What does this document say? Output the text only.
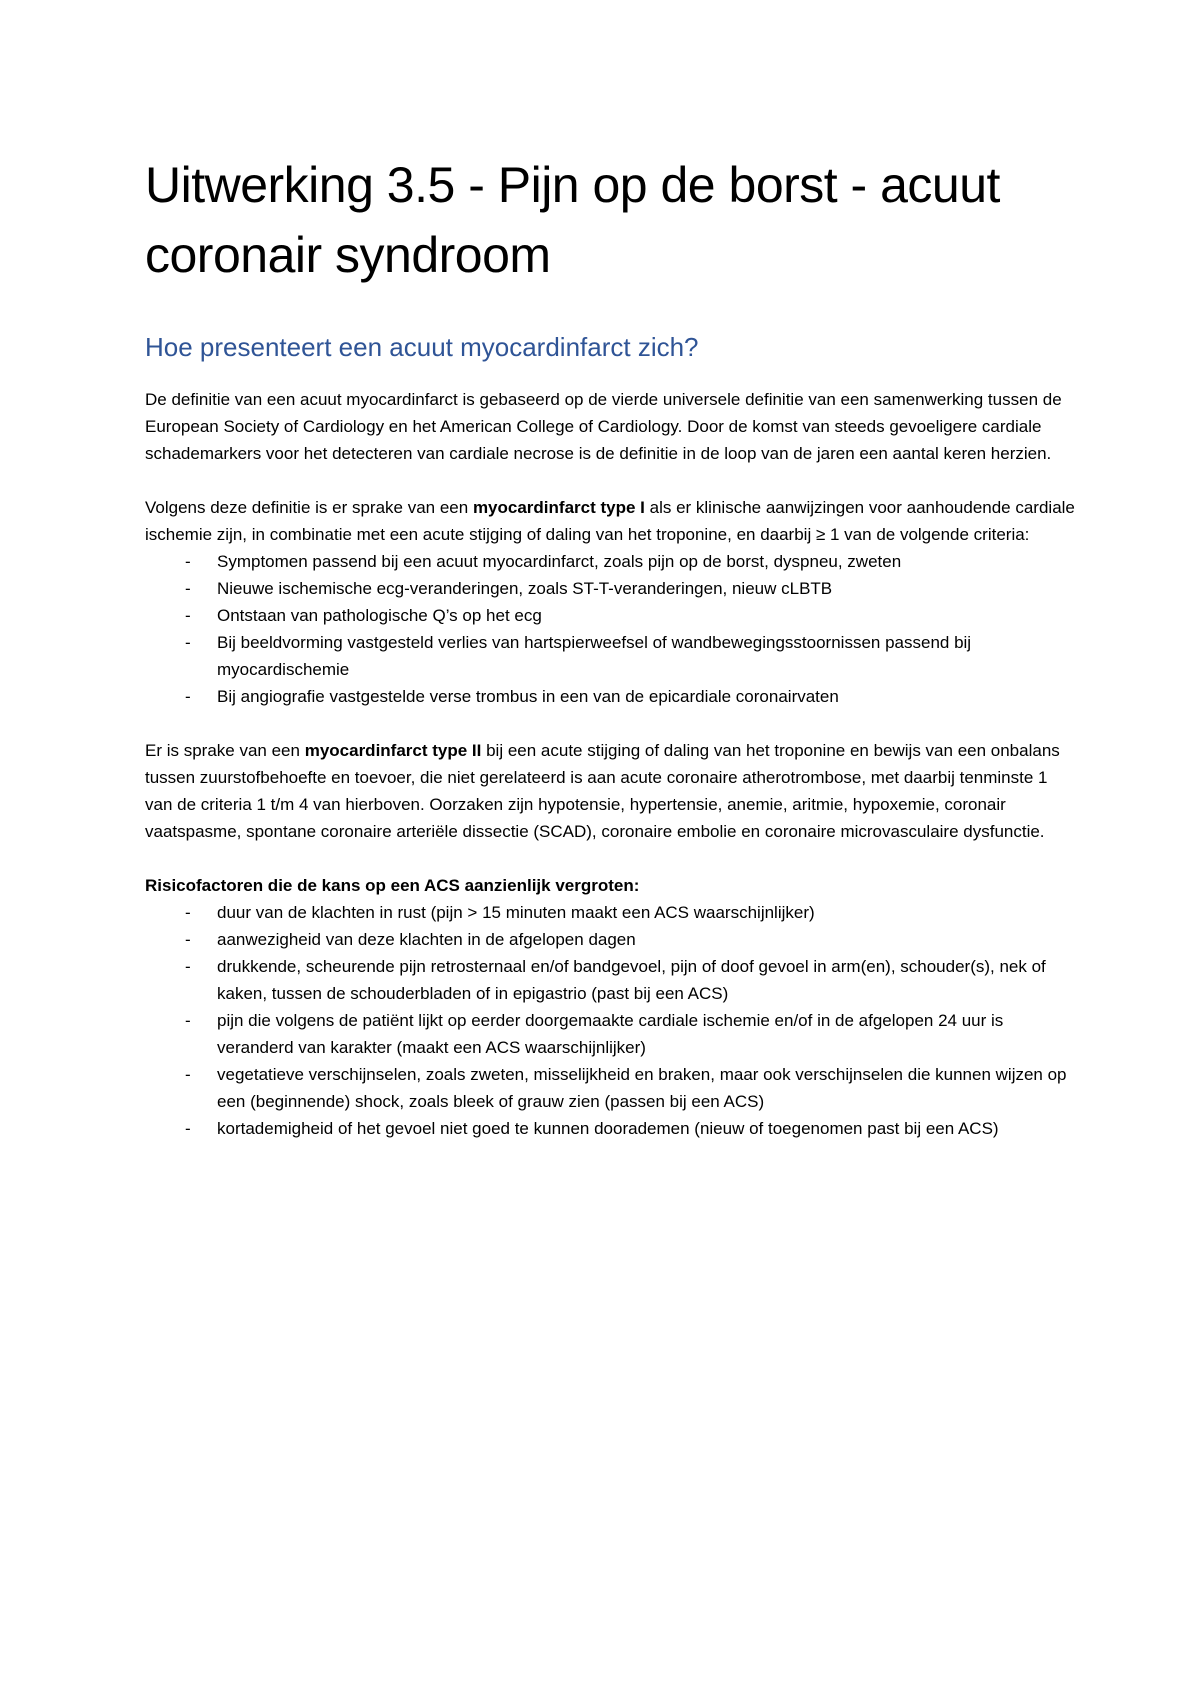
Uitwerking 3.5 - Pijn op de borst - acuut coronair syndroom
Hoe presenteert een acuut myocardinfarct zich?

De definitie van een acuut myocardinfarct is gebaseerd op de vierde universele definitie van een samenwerking tussen de European Society of Cardiology en het American College of Cardiology. Door de komst van steeds gevoeligere cardiale schademarkers voor het detecteren van cardiale necrose is de definitie in de loop van de jaren een aantal keren herzien.

Volgens deze definitie is er sprake van een myocardinfarct type I als er klinische aanwijzingen voor aanhoudende cardiale ischemie zijn, in combinatie met een acute stijging of daling van het troponine, en daarbij ≥ 1 van de volgende criteria:

- Symptomen passend bij een acuut myocardinfarct, zoals pijn op de borst, dyspneu, zweten
- Nieuwe ischemische ecg-veranderingen, zoals ST-T-veranderingen, nieuw cLBTB
- Ontstaan van pathologische Q’s op het ecg
- Bij beeldvorming vastgesteld verlies van hartspierweefsel of wandbewegingsstoornissen passend bij myocardischemie
- Bij angiografie vastgestelde verse trombus in een van de epicardiale coronairvaten

Er is sprake van een myocardinfarct type II bij een acute stijging of daling van het troponine en bewijs van een onbalans tussen zuurstofbehoefte en toevoer, die niet gerelateerd is aan acute coronaire atherotrombose, met daarbij tenminste 1 van de criteria 1 t/m 4 van hierboven. Oorzaken zijn hypotensie, hypertensie, anemie, aritmie, hypoxemie, coronair vaatspasme, spontane coronaire arteriële dissectie (SCAD), coronaire embolie en coronaire microvasculaire dysfunctie.

Risicofactoren die de kans op een ACS aanzienlijk vergroten:

- duur van de klachten in rust (pijn > 15 minuten maakt een ACS waarschijnlijker)
- aanwezigheid van deze klachten in de afgelopen dagen
- drukkende, scheurende pijn retrosternaal en/of bandgevoel, pijn of doof gevoel in arm(en), schouder(s), nek of kaken, tussen de schouderbladen of in epigastrio (past bij een ACS)
- pijn die volgens de patiënt lijkt op eerder doorgemaakte cardiale ischemie en/of in de afgelopen 24 uur is veranderd van karakter (maakt een ACS waarschijnlijker)
- vegetatieve verschijnselen, zoals zweten, misselijkheid en braken, maar ook verschijnselen die kunnen wijzen op een (beginnende) shock, zoals bleek of grauw zien (passen bij een ACS)
- kortademigheid of het gevoel niet goed te kunnen doorademen (nieuw of toegenomen past bij een ACS)
